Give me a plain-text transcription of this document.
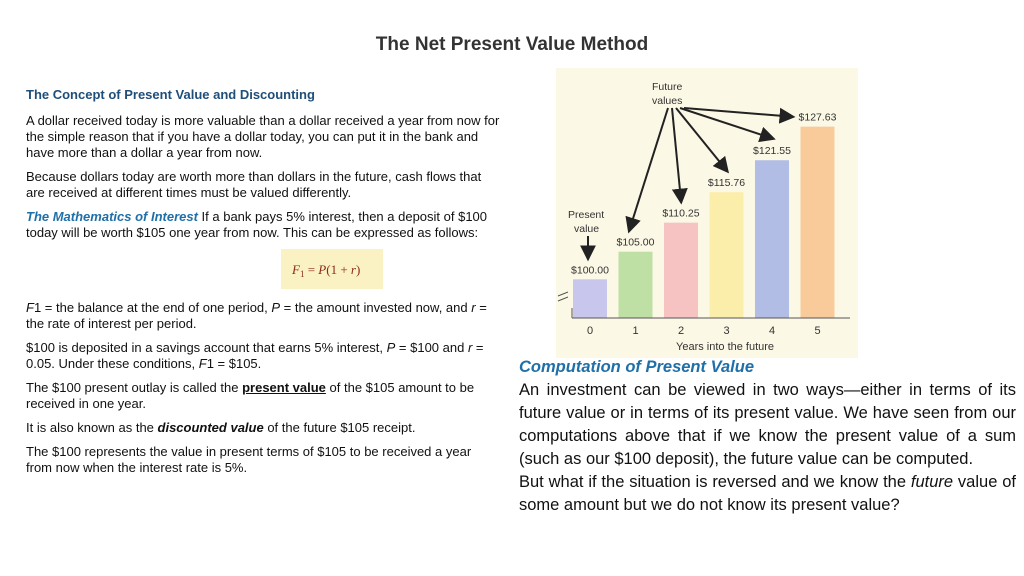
The Net Present Value Method

The Concept of Present Value and Discounting

A dollar received today is more valuable than a dollar received a year from now for the simple reason that if you have a dollar today, you can put it in the bank and have more than a dollar a year from now.

Because dollars today are worth more than dollars in the future, cash flows that are received at different times must be valued differently.

The Mathematics of Interest If a bank pays 5% interest, then a deposit of $100 today will be worth $105 one year from now. This can be expressed as follows:

$F_1 = P(1 + r)$

F1 = the balance at the end of one period, P = the amount invested now, and r = the rate of interest per period.

$100 is deposited in a savings account that earns 5% interest, P = $100 and r = 0.05. Under these conditions, F1 = $105.

The $100 present outlay is called the present value of the $105 amount to be received in one year.

It is also known as the discounted value of the future $105 receipt.

The $100 represents the value in present terms of $105 to be received a year from now when the interest rate is 5%.

$100.00
$105.00
$110.25
$115.76
$121.55
$127.63
0	1	2	3	4	5
Years into the future
Present
value
Future
values

Computation of Present Value

An investment can be viewed in two ways—either in terms of its future value or in terms of its present value. We have seen from our computations above that if we know the present value of a sum (such as our $100 deposit), the future value can be computed.

But what if the situation is reversed and we know the future value of some amount but we do not know its present value?
